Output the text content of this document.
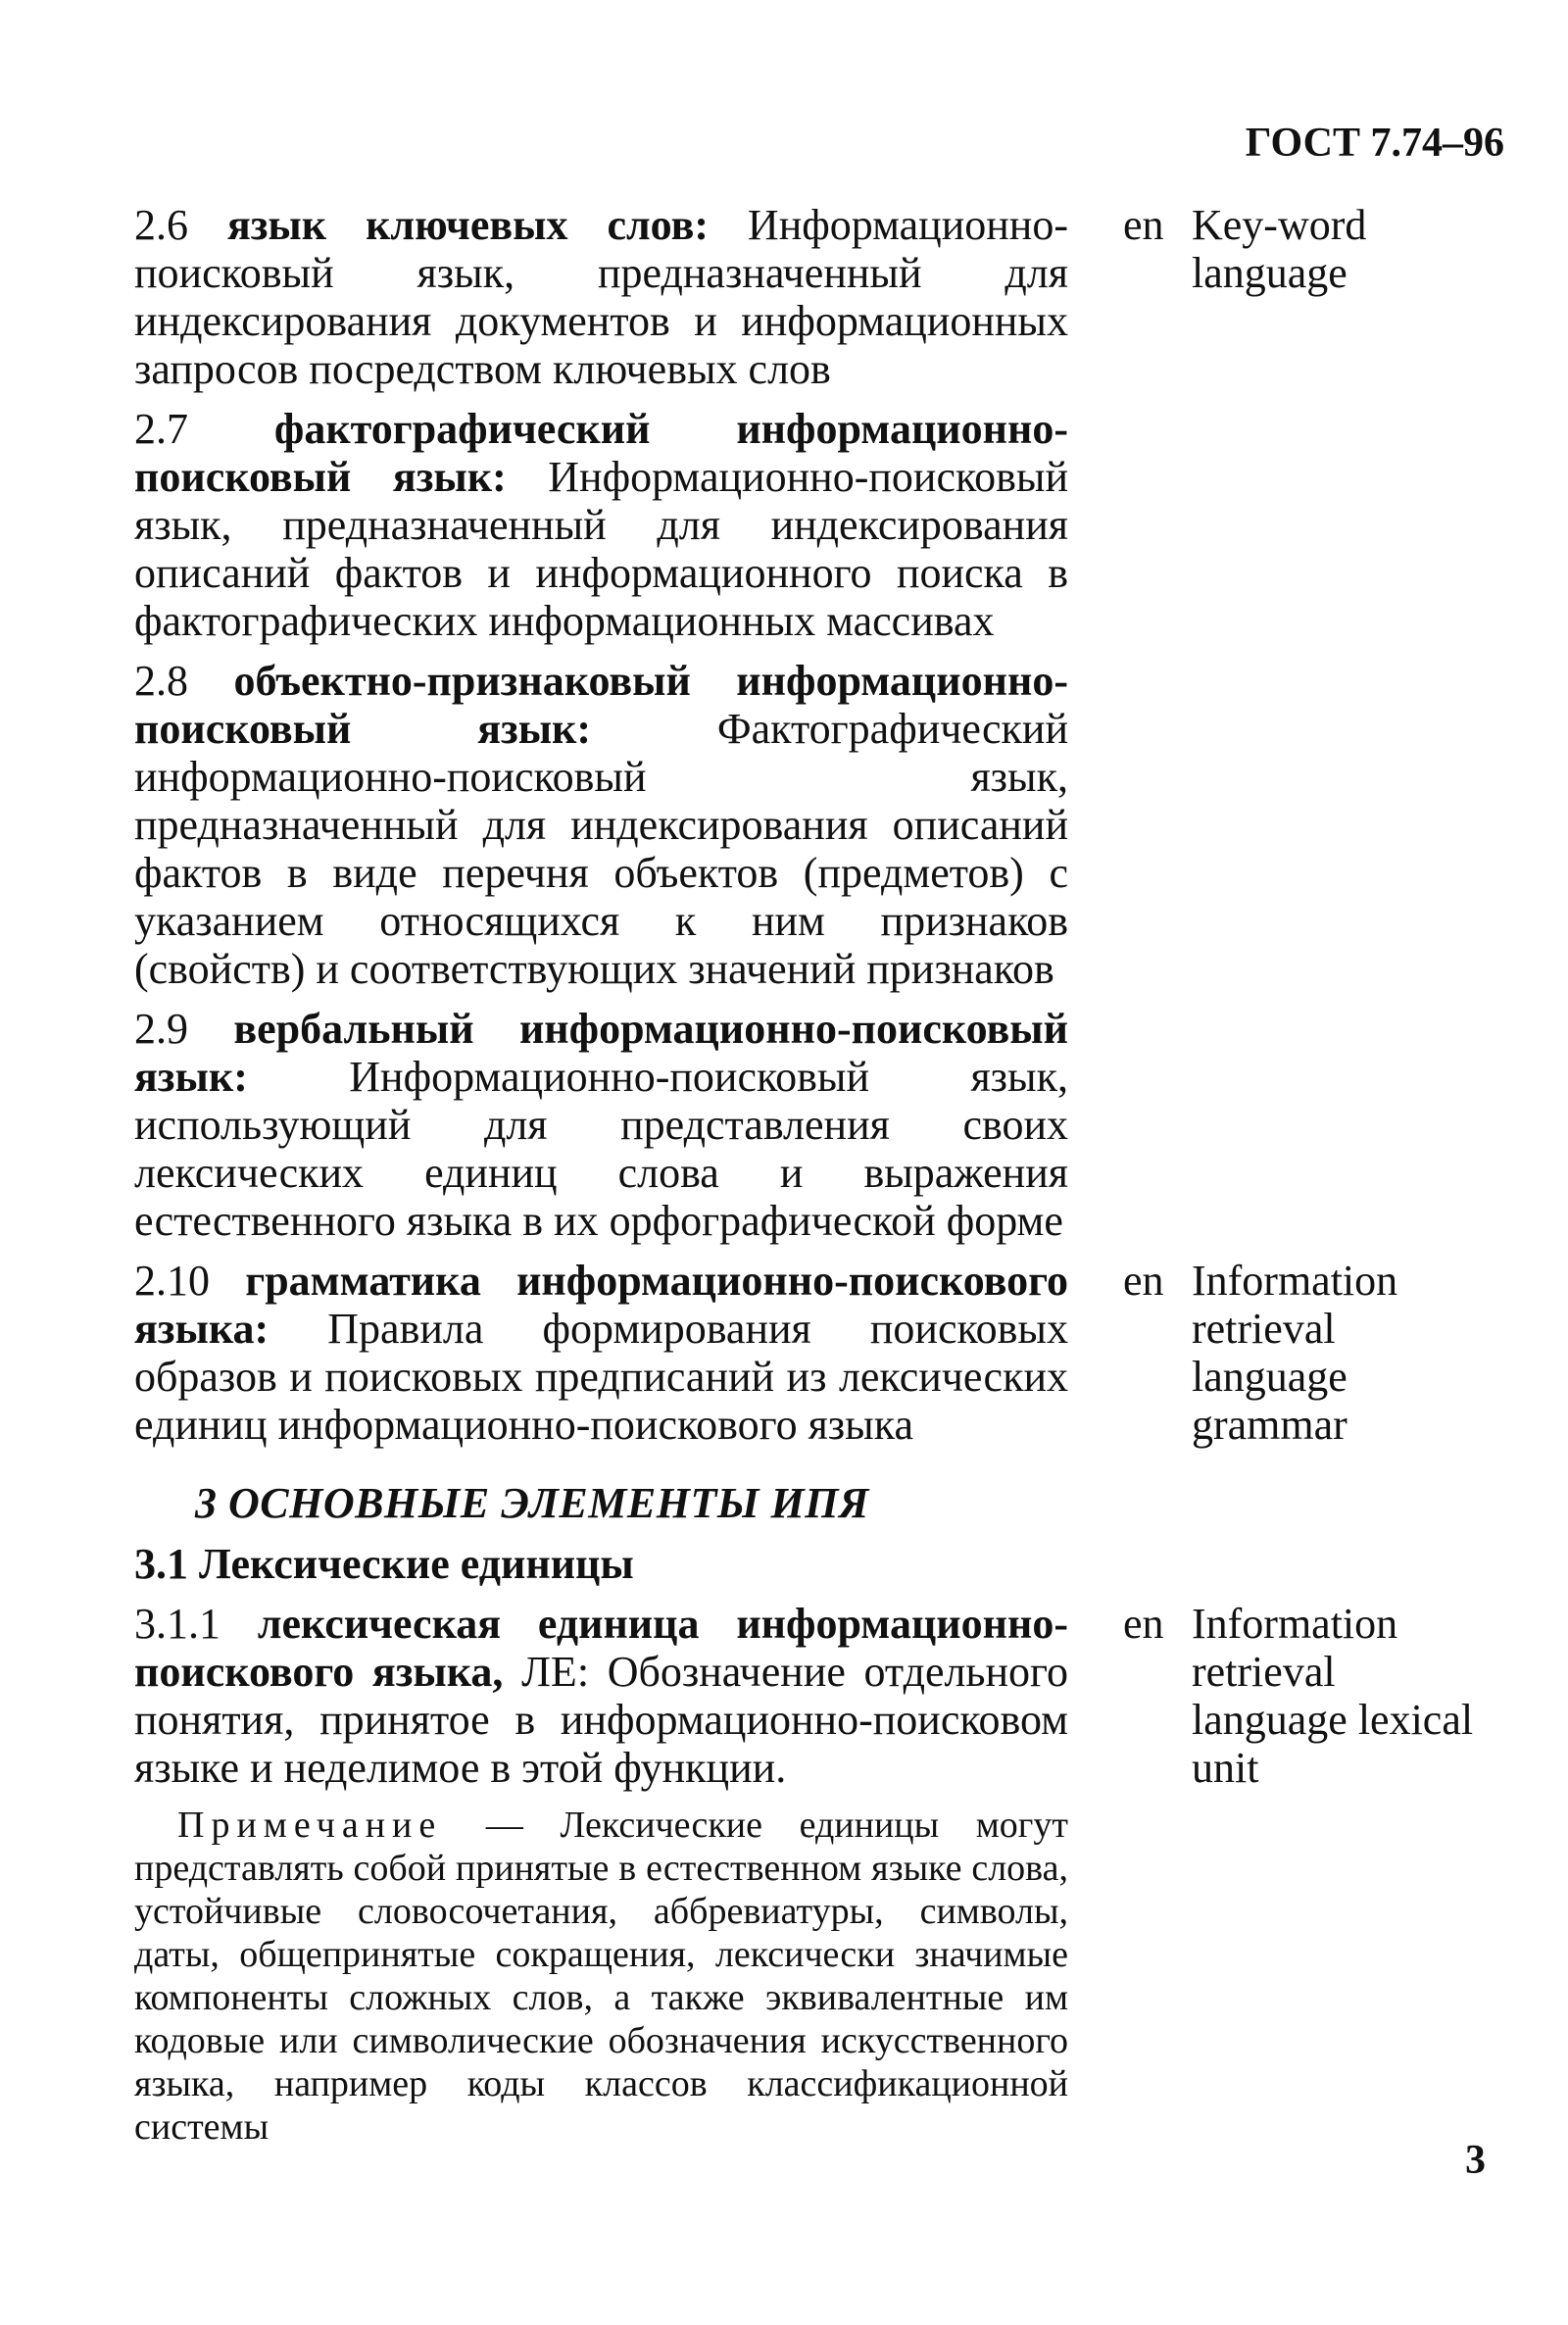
ГОСТ 7.74–96
2.6 язык ключевых слов: Информационно-поисковый язык, предназначенный для индексирования документов и информационных запросов посредством ключевых слов
en Key-word language
2.7 фактографический информационно-поисковый язык: Информационно-поисковый язык, предназначенный для индексирования описаний фактов и информационного поиска в фактографических информационных массивах
2.8 объектно-признаковый информационно-поисковый язык: Фактографический информационно-поисковый язык, предназначенный для индексирования описаний фактов в виде перечня объектов (предметов) с указанием относящихся к ним признаков (свойств) и соответствующих значений признаков
2.9 вербальный информационно-поисковый язык: Информационно-поисковый язык, использующий для представления своих лексических единиц слова и выражения естественного языка в их орфографической форме
2.10 грамматика информационно-поискового языка: Правила формирования поисковых образов и поисковых предписаний из лексических единиц информационно-поискового языка
en Information retrieval language grammar
3 ОСНОВНЫЕ ЭЛЕМЕНТЫ ИПЯ
3.1 Лексические единицы
3.1.1 лексическая единица информационно-поискового языка, ЛЕ: Обозначение отдельного понятия, принятое в информационно-поисковом языке и неделимое в этой функции.
en Information retrieval language lexical unit
Примечание — Лексические единицы могут представлять собой принятые в естественном языке слова, устойчивые словосочетания, аббревиатуры, символы, даты, общепринятые сокращения, лексически значимые компоненты сложных слов, а также эквивалентные им кодовые или символические обозначения искусственного языка, например коды классов классификационной системы
3
